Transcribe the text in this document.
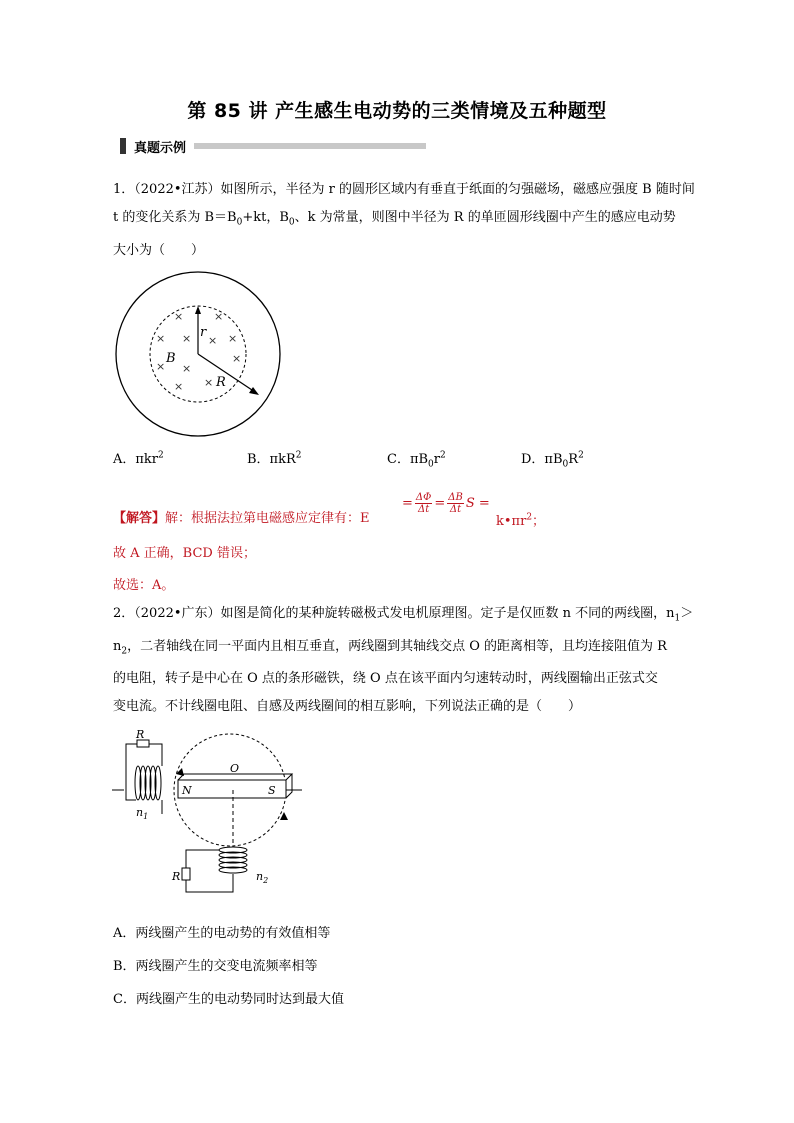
第 85 讲 产生感生电动势的三类情境及五种题型
真题示例
1．（2022•江苏）如图所示，半径为 r 的圆形区域内有垂直于纸面的匀强磁场，磁感应强度 B 随时间
t 的变化关系为 $B=B_0+kt$，$B_0$、k 为常量，则图中半径为 R 的单匝圆形线圈中产生的感应电动势
大小为（　　）
×	×
× ×	×
×
×
× ×
× ×
r
B
R
A．πkr$^2$	B．πkR$^2$	C．$\pi B_0r^2$	D．$\pi B_0R^2$
【解答】解：根据法拉第电磁感应定律有：E
= $\frac{\Delta\Phi}{\Delta t} = \frac{\Delta B}{\Delta t}$ S =
$k•\pi r^2$；
故 A 正确，BCD 错误；
故选：A。
2．（2022•广东）如图是简化的某种旋转磁极式发电机原理图。定子是仅匝数 n 不同的两线圈，$n_1>$
$n_2$，二者轴线在同一平面内且相互垂直，两线圈到其轴线交点 O 的距离相等，且均连接阻值为 R
的电阻，转子是中心在 O 点的条形磁铁，绕 O 点在该平面内匀速转动时，两线圈输出正弦式交
变电流。不计线圈电阻、自感及两线圈间的相互影响，下列说法正确的是（　　）
N	S
O
R
$n_1$
R	$n_2$
A．两线圈产生的电动势的有效值相等
B．两线圈产生的交变电流频率相等
C．两线圈产生的电动势同时达到最大值
